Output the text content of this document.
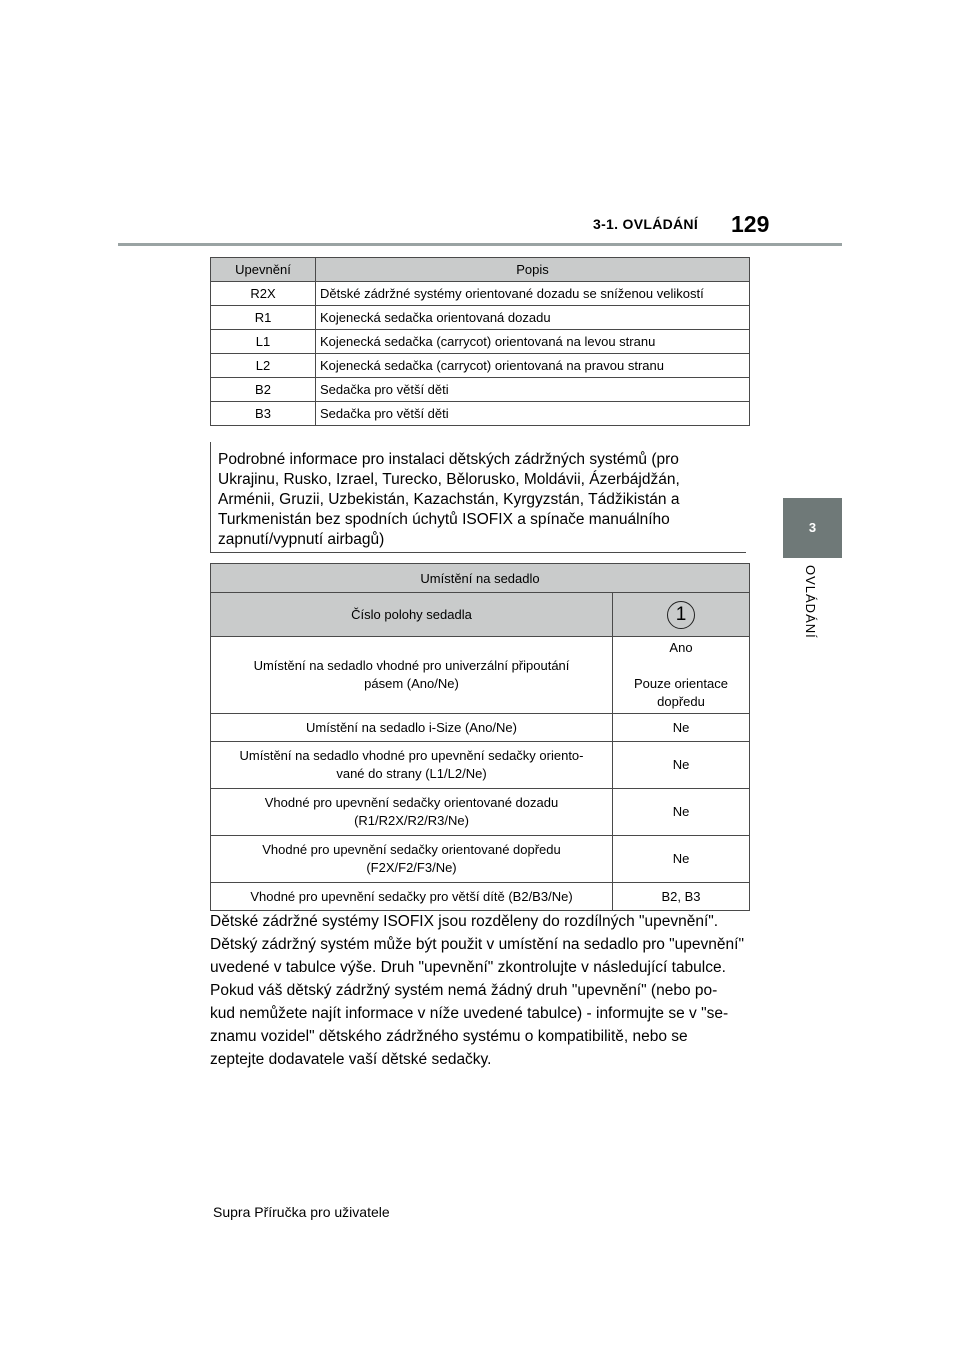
3-1. OVLÁDÁNÍ 129
3
OVLÁDÁNÍ
Upevnění	Popis
R2X	Dětské zádržné systémy orientované dozadu se sníženou velikostí
R1	Kojenecká sedačka orientovaná dozadu
L1	Kojenecká sedačka (carrycot) orientovaná na levou stranu
L2	Kojenecká sedačka (carrycot) orientovaná na pravou stranu
B2	Sedačka pro větší děti
B3	Sedačka pro větší děti
Podrobné informace pro instalaci dětských zádržných systémů (pro Ukrajinu, Rusko, Izrael, Turecko, Bělorusko, Moldávii, Ázerbájdžán, Arménii, Gruzii, Uzbekistán, Kazachstán, Kyrgyzstán, Tádžikistán a Turkmenistán bez spodních úchytů ISOFIX a spínače manuálního zapnutí/vypnutí airbagů)
Umístění na sedadlo	
Číslo polohy sedadla	1
Umístění na sedadlo vhodné pro univerzální připoutání
pásem (Ano/Ne)	Ano

Pouze orientace
dopředu
Umístění na sedadlo i-Size (Ano/Ne)	Ne
Umístění na sedadlo vhodné pro upevnění sedačky oriento-
vané do strany (L1/L2/Ne)	Ne
Vhodné pro upevnění sedačky orientované dozadu
(R1/R2X/R2/R3/Ne)	Ne
Vhodné pro upevnění sedačky orientované dopředu
(F2X/F2/F3/Ne)	Ne
Vhodné pro upevnění sedačky pro větší dítě (B2/B3/Ne)	B2, B3

Dětské zádržné systémy ISOFIX jsou rozděleny do rozdílných "upevnění".

Dětský zádržný systém může být použit v umístění na sedadlo pro "upevnění"

uvedené v tabulce výše. Druh "upevnění" zkontrolujte v následující tabulce.

Pokud váš dětský zádržný systém nemá žádný druh "upevnění" (nebo po-

kud nemůžete najít informace v níže uvedené tabulce) - informujte se v "se-

znamu vozidel" dětského zádržného systému o kompatibilitě, nebo se

zeptejte dodavatele vaší dětské sedačky.

Supra Příručka pro uživatele
